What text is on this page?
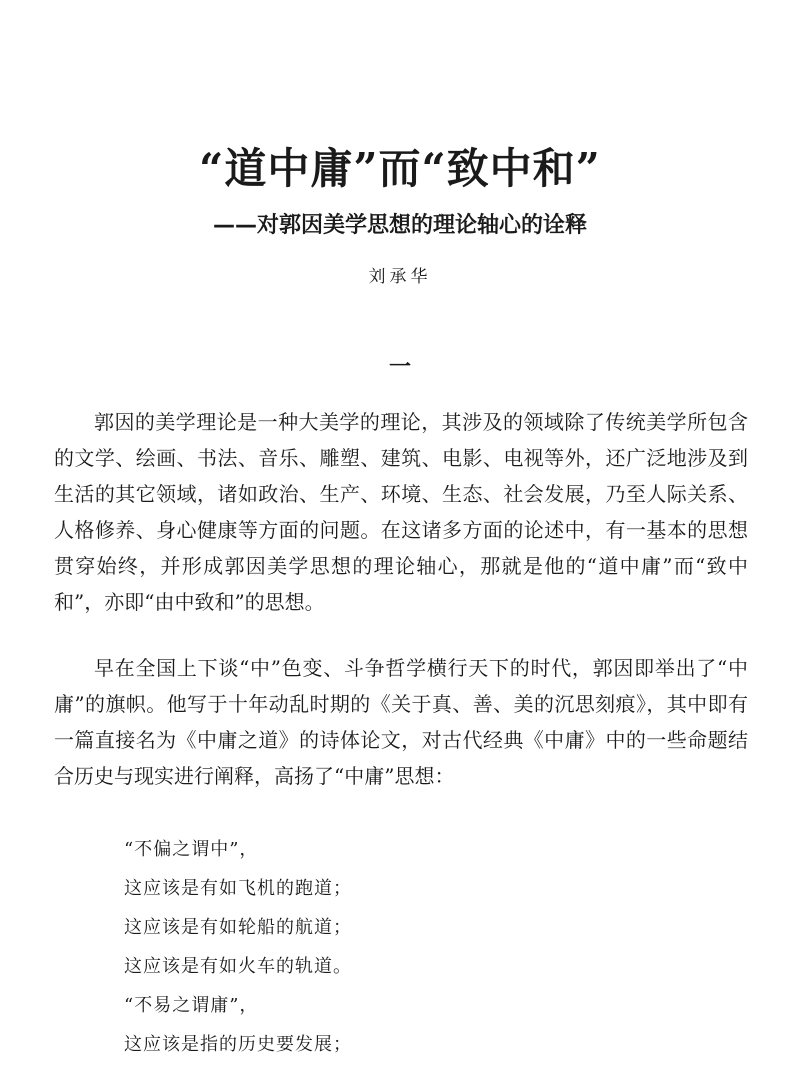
“道中庸”而“致中和”
——对郭因美学思想的理论轴心的诠释
刘承华
一

郭因的美学理论是一种大美学的理论，其涉及的领域除了传统美学所包含的文学、绘画、书法、音乐、雕塑、建筑、电影、电视等外，还广泛地涉及到生活的其它领域，诸如政治、生产、环境、生态、社会发展，乃至人际关系、人格修养、身心健康等方面的问题。在这诸多方面的论述中，有一基本的思想贯穿始终，并形成郭因美学思想的理论轴心，那就是他的“道中庸”而“致中和”，亦即“由中致和”的思想。

早在全国上下谈“中”色变、斗争哲学横行天下的时代，郭因即举出了“中庸”的旗帜。他写于十年动乱时期的《关于真、善、美的沉思刻痕》，其中即有一篇直接名为《中庸之道》的诗体论文，对古代经典《中庸》中的一些命题结合历史与现实进行阐释，高扬了“中庸”思想：

“不偏之谓中”，
这应该是有如飞机的跑道；
这应该是有如轮船的航道；
这应该是有如火车的轨道。
“不易之谓庸”，
这应该是指的历史要发展；
